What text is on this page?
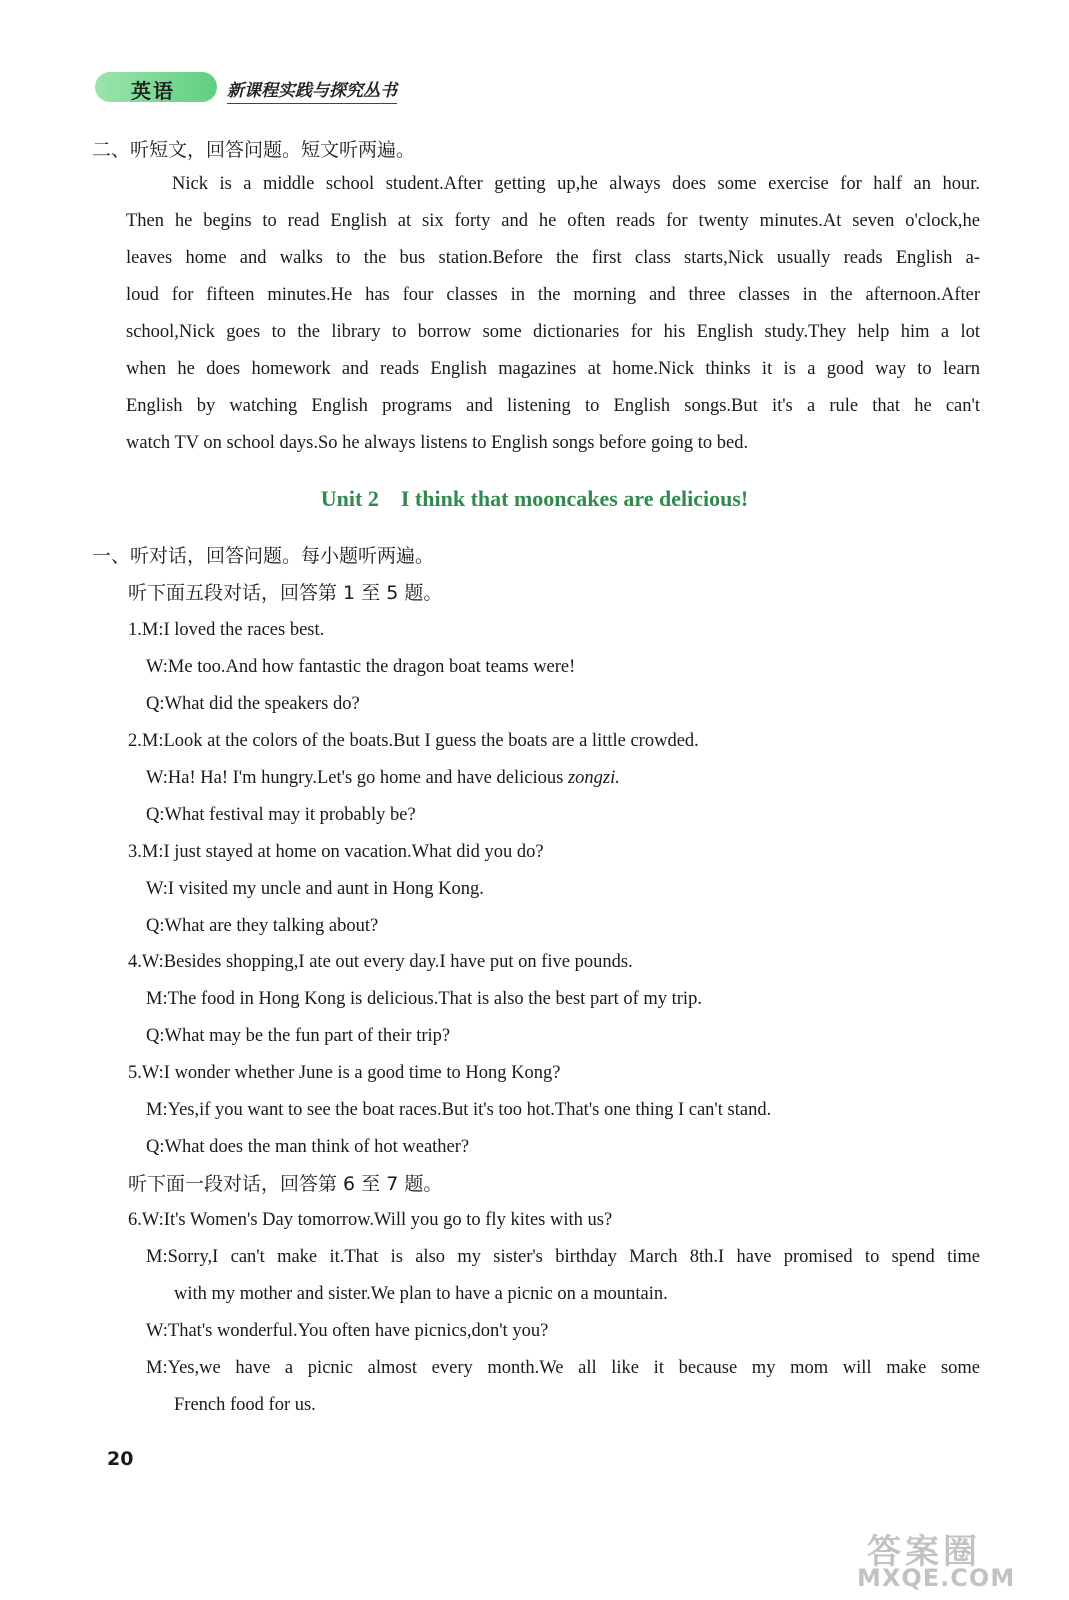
英语	新课程实践与探究丛书
二、听短文，回答问题。短文听两遍。
Nick is a middle school student.After getting up,he always does some exercise for half an hour.
Then he begins to read English at six forty and he often reads for twenty minutes.At seven o'clock,he
leaves home and walks to the bus station.Before the first class starts,Nick usually reads English a-
loud for fifteen minutes.He has four classes in the morning and three classes in the afternoon.After
school,Nick goes to the library to borrow some dictionaries for his English study.They help him a lot
when he does homework and reads English magazines at home.Nick thinks it is a good way to learn
English by watching English programs and listening to English songs.But it's a rule that he can't
watch TV on school days.So he always listens to English songs before going to bed.
Unit 2    I think that mooncakes are delicious!
一、听对话，回答问题。每小题听两遍。
听下面五段对话，回答第 1 至 5 题。
1.M:I loved the races best.
W:Me too.And how fantastic the dragon boat teams were!
Q:What did the speakers do?
2.M:Look at the colors of the boats.But I guess the boats are a little crowded.
W:Ha! Ha! I'm hungry.Let's go home and have delicious zongzi.
Q:What festival may it probably be?
3.M:I just stayed at home on vacation.What did you do?
W:I visited my uncle and aunt in Hong Kong.
Q:What are they talking about?
4.W:Besides shopping,I ate out every day.I have put on five pounds.
M:The food in Hong Kong is delicious.That is also the best part of my trip.
Q:What may be the fun part of their trip?
5.W:I wonder whether June is a good time to Hong Kong?
M:Yes,if you want to see the boat races.But it's too hot.That's one thing I can't stand.
Q:What does the man think of hot weather?
听下面一段对话，回答第 6 至 7 题。
6.W:It's Women's Day tomorrow.Will you go to fly kites with us?
M:Sorry,I can't make it.That is also my sister's birthday March 8th.I have promised to spend time
with my mother and sister.We plan to have a picnic on a mountain.
W:That's wonderful.You often have picnics,don't you?
M:Yes,we have a picnic almost every month.We all like it because my mom will make some
French food for us.
20
答案圈
MXQE.COM
